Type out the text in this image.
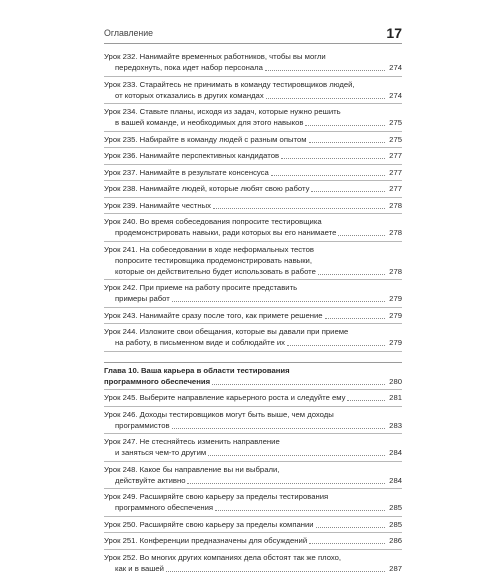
Оглавление	17
Урок 232. Нанимайте временных работников, чтобы вы могли
передохнуть, пока идет набор персонала	274
Урок 233. Старайтесь не принимать в команду тестировщиков людей,
от которых отказались в других командах	274
Урок 234. Ставьте планы, исходя из задач, которые нужно решить
в вашей команде, и необходимых для этого навыков	275
Урок 235. Набирайте в команду людей с разным опытом	275
Урок 236. Нанимайте перспективных кандидатов	277
Урок 237. Нанимайте в результате консенсуса	277
Урок 238. Нанимайте людей, которые любят свою работу	277
Урок 239. Нанимайте честных	278
Урок 240. Во время собеседования попросите тестировщика
продемонстрировать навыки, ради которых вы его нанимаете	278
Урок 241. На собеседовании в ходе неформальных тестов
попросите тестировщика продемонстрировать навыки,
которые он действительно будет использовать в работе	278
Урок 242. При приеме на работу просите представить
примеры работ	279
Урок 243. Нанимайте сразу после того, как примете решение	279
Урок 244. Изложите свои обещания, которые вы давали при приеме
на работу, в письменном виде и соблюдайте их	279
Глава 10. Ваша карьера в области тестирования
программного обеспечения	280
Урок 245. Выберите направление карьерного роста и следуйте ему	281
Урок 246. Доходы тестировщиков могут быть выше, чем доходы
программистов	283
Урок 247. Не стесняйтесь изменить направление
и заняться чем-то другим	284
Урок 248. Какое бы направление вы ни выбрали,
действуйте активно	284
Урок 249. Расширяйте свою карьеру за пределы тестирования
программного обеспечения	285
Урок 250. Расширяйте свою карьеру за пределы компании	285
Урок 251. Конференции предназначены для обсуждений	286
Урок 252. Во многих других компаниях дела обстоят так же плохо,
как и в вашей	287
